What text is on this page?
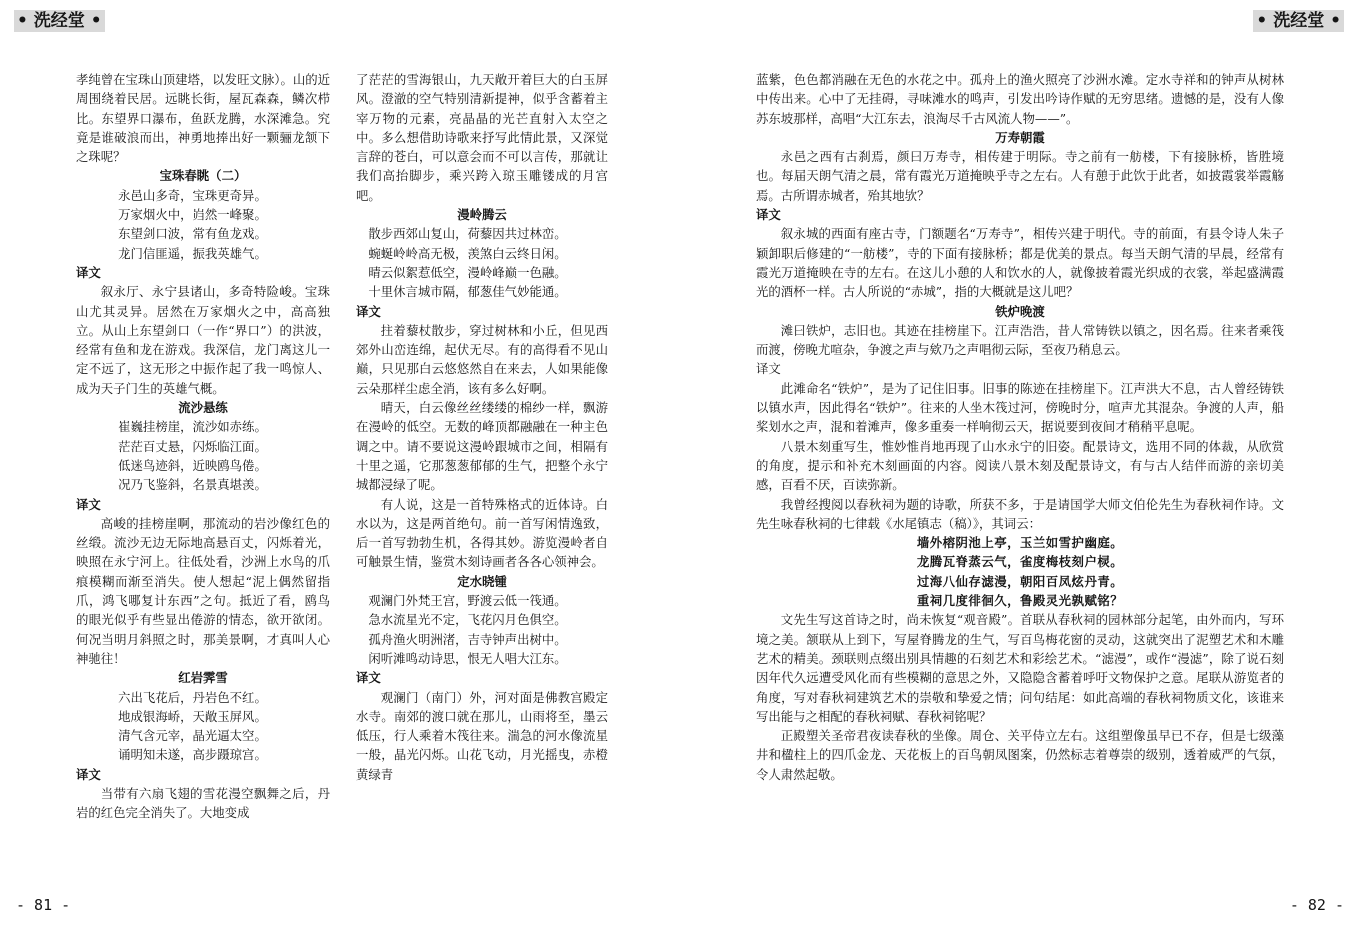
• 洗经堂 •	• 洗经堂 •

孝纯曾在宝珠山顶建塔，以发旺文脉）。山的近周围绕着民居。远眺长街，屋瓦森森，鳞次栉比。东望界口瀑布，鱼跃龙腾，水深滩急。究竟是谁破浪而出，神勇地捧出好一颗骊龙颔下之珠呢？

宝珠春眺（二）
永邑山多奇，宝珠更奇异。
万家烟火中，岿然一峰聚。
东望剑口波，常有鱼龙戏。
龙门信匪遥，振我英雄气。
译文

叙永厅、永宁县诸山，多奇特险峻。宝珠山尤其灵异。居然在万家烟火之中，高高独立。从山上东望剑口（一作“界口”）的洪波，经常有鱼和龙在游戏。我深信，龙门离这儿一定不远了，这无形之中振作起了我一鸣惊人、成为天子门生的英雄气概。

流沙悬练
崔巍挂榜崖，流沙如赤练。
茫茫百丈悬，闪烁临江面。
低迷鸟迹斜，近映鸥鸟倦。
况乃飞鉴斜，名景真堪羡。
译文

高峻的挂榜崖啊，那流动的岩沙像红色的丝缎。流沙无边无际地高悬百丈，闪烁着光，映照在永宁河上。往低处看，沙洲上水鸟的爪痕模糊而渐至消失。使人想起“泥上偶然留指爪，鸿飞哪复计东西”之句。抵近了看，鸥鸟的眼光似乎有些显出倦游的情态，欲开欲闭。何况当明月斜照之时，那美景啊，才真叫人心神驰往！

红岩霁雪
六出飞花后，丹岩色不红。
地成银海峤，天敞玉屏风。
清气含元宰，晶光逼太空。
诵明知未遂，高步蹑琼宫。
译文

当带有六扇飞翅的雪花漫空飘舞之后，丹岩的红色完全消失了。大地变成

了茫茫的雪海银山，九天敞开着巨大的白玉屏风。澄澈的空气特别清新提神，似乎含蓄着主宰万物的元素，亮晶晶的光芒直射入太空之中。多么想借助诗歌来抒写此情此景，又深觉言辞的苍白，可以意会而不可以言传，那就让我们高抬脚步，乘兴跨入琼玉雕镂成的月宫吧。

漫岭腾云
散步西郊山复山，荷藜因共过林峦。
蜿蜒岭岭高无极，羡煞白云终日闲。
晴云似絮惹低空，漫岭峰巅一色融。
十里休言城市隔，郁葱佳气妙能通。
译文

拄着藜杖散步，穿过树林和小丘，但见西郊外山峦连绵，起伏无尽。有的高得看不见山巅，只见那白云悠悠然自在来去，人如果能像云朵那样尘虑全消，该有多么好啊。

晴天，白云像丝丝缕缕的棉纱一样，飘游在漫岭的低空。无数的峰顶都融融在一种主色调之中。请不要说这漫岭跟城市之间，相隔有十里之遥，它那葱葱郁郁的生气，把整个永宁城都浸绿了呢。

有人说，这是一首特殊格式的近体诗。白水以为，这是两首绝句。前一首写闲情逸致，后一首写勃勃生机，各得其妙。游览漫岭者自可触景生情，鉴赏木刻诗画者各各心领神会。

定水晓锺
观澜门外梵王宫，野渡云低一筏通。
急水流星光不定，飞花闪月色俱空。
孤舟渔火明洲渚，吉寺钟声出树中。
闲听滩鸣动诗思，恨无人唱大江东。
译文

观澜门（南门）外，河对面是佛教宫殿定水寺。南郊的渡口就在那儿，山雨将至，墨云低压，行人乘着木筏往来。湍急的河水像流星一般，晶光闪烁。山花飞动，月光摇曳，赤橙黄绿青

蓝紫，色色都消融在无色的水花之中。孤舟上的渔火照亮了沙洲水滩。定水寺祥和的钟声从树林中传出来。心中了无挂碍，寻味滩水的鸣声，引发出吟诗作赋的无穷思绪。遗憾的是，没有人像苏东坡那样，高唱“大江东去，浪淘尽千古风流人物——”。

万寿朝霞

永邑之西有古刹焉，颜曰万寿寺，相传建于明际。寺之前有一舫楼，下有接脉桥，皆胜境也。每届天朗气清之晨，常有霞光万道掩映乎寺之左右。人有憩于此饮于此者，如披霞裳举霞觞焉。古所谓赤城者，殆其地欤？

译文

叙永城的西面有座古寺，门额题名“万寿寺”，相传兴建于明代。寺的前面，有县令诗人朱子颖卸职后修建的“一舫楼”，寺的下面有接脉桥；都是优美的景点。每当天朗气清的早晨，经常有霞光万道掩映在寺的左右。在这儿小憩的人和饮水的人，就像披着霞光织成的衣裳，举起盛满霞光的酒杯一样。古人所说的“赤城”，指的大概就是这儿吧？

铁炉晚渡

滩曰铁炉，志旧也。其迹在挂榜崖下。江声浩浩，昔人常铸铁以镇之，因名焉。往来者乘筏而渡，傍晚尤喧杂，争渡之声与欸乃之声唱彻云际，至夜乃稍息云。

译文

此滩命名“铁炉”，是为了记住旧事。旧事的陈迹在挂榜崖下。江声洪大不息，古人曾经铸铁以镇水声，因此得名“铁炉”。往来的人坐木筏过河，傍晚时分，喧声尤其混杂。争渡的人声，船桨划水之声，混和着滩声，像多重奏一样响彻云天，据说要到夜间才稍稍平息呢。

八景木刻重写生，惟妙惟肖地再现了山水永宁的旧姿。配景诗文，选用不同的体裁，从欣赏的角度，提示和补充木刻画面的内容。阅读八景木刻及配景诗文，有与古人结伴而游的亲切美感，百看不厌，百读弥新。

我曾经搜阅以春秋祠为题的诗歌，所获不多，于是请国学大师文伯伦先生为春秋祠作诗。文先生咏春秋祠的七律载《水尾镇志（稿）》，其词云：

墙外榕阴池上亭，玉兰如雪护幽庭。
龙腾瓦脊蒸云气，雀度梅枝刻户棂。
过海八仙存滤漫，朝阳百凤炫丹青。
重祠几度徘徊久，鲁殿灵光孰赋铭？

文先生写这首诗之时，尚未恢复“观音殿”。首联从春秋祠的园林部分起笔，由外而内，写环境之美。颔联从上到下，写屋脊腾龙的生气，写百鸟梅花窗的灵动，这就突出了泥塑艺术和木雕艺术的精美。颈联则点缀出别具情趣的石刻艺术和彩绘艺术。“滤漫”，或作“漫滤”，除了说石刻因年代久远遭受风化而有些模糊的意思之外，又隐隐含蓄着呼吁文物保护之意。尾联从游览者的角度，写对春秋祠建筑艺术的崇敬和挚爱之情；问句结尾：如此高端的春秋祠物质文化，该谁来写出能与之相配的春秋祠赋、春秋祠铭呢？

正殿塑关圣帝君夜读春秋的坐像。周仓、关平侍立左右。这组塑像虽早已不存，但是七级藻井和楹柱上的四爪金龙、天花板上的百鸟朝凤图案，仍然标志着尊崇的级别，透着威严的气氛，令人肃然起敬。

- 81 -	- 82 -
